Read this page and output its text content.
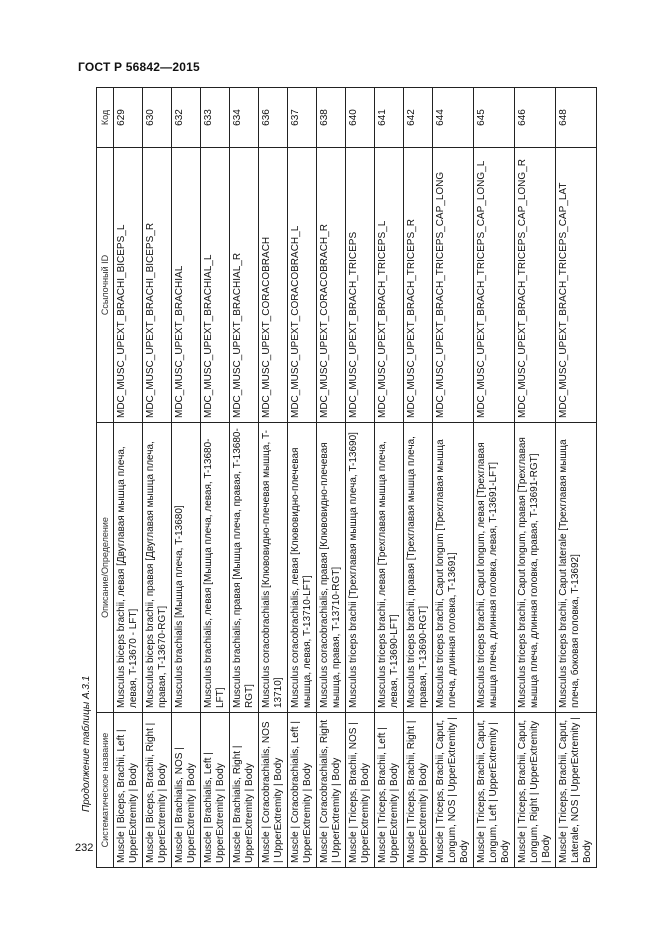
ГОСТ Р 56842—2015
Продолжение таблицы А.3.1 Систематическое название	Описание/Определение	Ссылочный ID	Код
Muscle | Biceps, Brachii, Left | UpperExtremity | Body	Musculus biceps brachii, левая [Двуглавая мышца плеча, левая, T-13670 - LFT]	MDC_MUSC_UPEXT_BRACHI_BICEPS_L	629
Muscle | Biceps, Brachii, Right | UpperExtremity | Body	Musculus biceps brachii, правая [Двуглавая мышца плеча, правая, T-13670-RGT]	MDC_MUSC_UPEXT_BRACHI_BICEPS_R	630
Muscle | Brachialis, NOS | UpperExtremity | Body	Musculus brachialis [Мышца плеча, T-13680]	MDC_MUSC_UPEXT_BRACHIAL	632
Muscle | Brachialis, Left | UpperExtremity | Body	Musculus brachialis, левая [Мышца плеча, левая, T-13680-LFT]	MDC_MUSC_UPEXT_BRACHIAL_L	633
Muscle | Brachialis, Right | UpperExtremity | Body	Musculus brachialis, правая [Мышца плеча, правая, T-13680-RGT]	MDC_MUSC_UPEXT_BRACHIAL_R	634
Muscle | Coracobrachialis, NOS | UpperExtremity | Body	Musculus coracobrachialis [Клювовидно-плечевая мышца, T-13710]	MDC_MUSC_UPEXT_CORACOBRACH	636
Muscle | Coracobrachialis, Left | UpperExtremity | Body	Musculus coracobrachialis, левая [Клювовидно-плечевая мышца, левая, T-13710-LFT]	MDC_MUSC_UPEXT_CORACOBRACH_L	637
Muscle | Coracobrachialis, Right | UpperExtremity | Body	Musculus coracobrachialis, правая [Клювовидно-плечевая мышца, правая, T-13710-RGT]	MDC_MUSC_UPEXT_CORACOBRACH_R	638
Muscle | Triceps, Brachii, NOS | UpperExtremity | Body	Musculus triceps brachii [Трехглавая мышца плеча, T-13690]	MDC_MUSC_UPEXT_BRACH_TRICEPS	640
Muscle | Triceps, Brachii, Left | UpperExtremity | Body	Musculus triceps brachii, левая [Трехглавая мышца плеча, левая, T-13690-LFT]	MDC_MUSC_UPEXT_BRACH_TRICEPS_L	641
Muscle | Triceps, Brachii, Right | UpperExtremity | Body	Musculus triceps brachii, правая [Трехглавая мышца плеча, правая, T-13690-RGT]	MDC_MUSC_UPEXT_BRACH_TRICEPS_R	642
Muscle | Triceps, Brachii, Caput, Longum, NOS | UpperExtremity | Body	Musculus triceps brachii, Caput longum [Трехглавая мышца плеча, длинная головка, T-13691]	MDC_MUSC_UPEXT_BRACH_TRICEPS_CAP_LONG	644
Muscle | Triceps, Brachii, Caput, Longum, Left | UpperExtremity | Body	Musculus triceps brachii, Caput longum, левая [Трехглавая мышца плеча, длинная головка, левая, T-13691-LFT]	MDC_MUSC_UPEXT_BRACH_TRICEPS_CAP_LONG_L	645
Muscle | Triceps, Brachii, Caput, Longum, Right | UpperExtremity | Body	Musculus triceps brachii, Caput longum, правая [Трехглавая мышца плеча, длинная головка, правая, T-13691-RGT]	MDC_MUSC_UPEXT_BRACH_TRICEPS_CAP_LONG_R	646
Muscle | Triceps, Brachii, Caput, Laterale, NOS | UpperExtremity | Body	Musculus triceps brachii, Caput laterale [Трехглавая мышца плеча, боковая головка, T-13692]	MDC_MUSC_UPEXT_BRACH_TRICEPS_CAP_LAT	648
232
